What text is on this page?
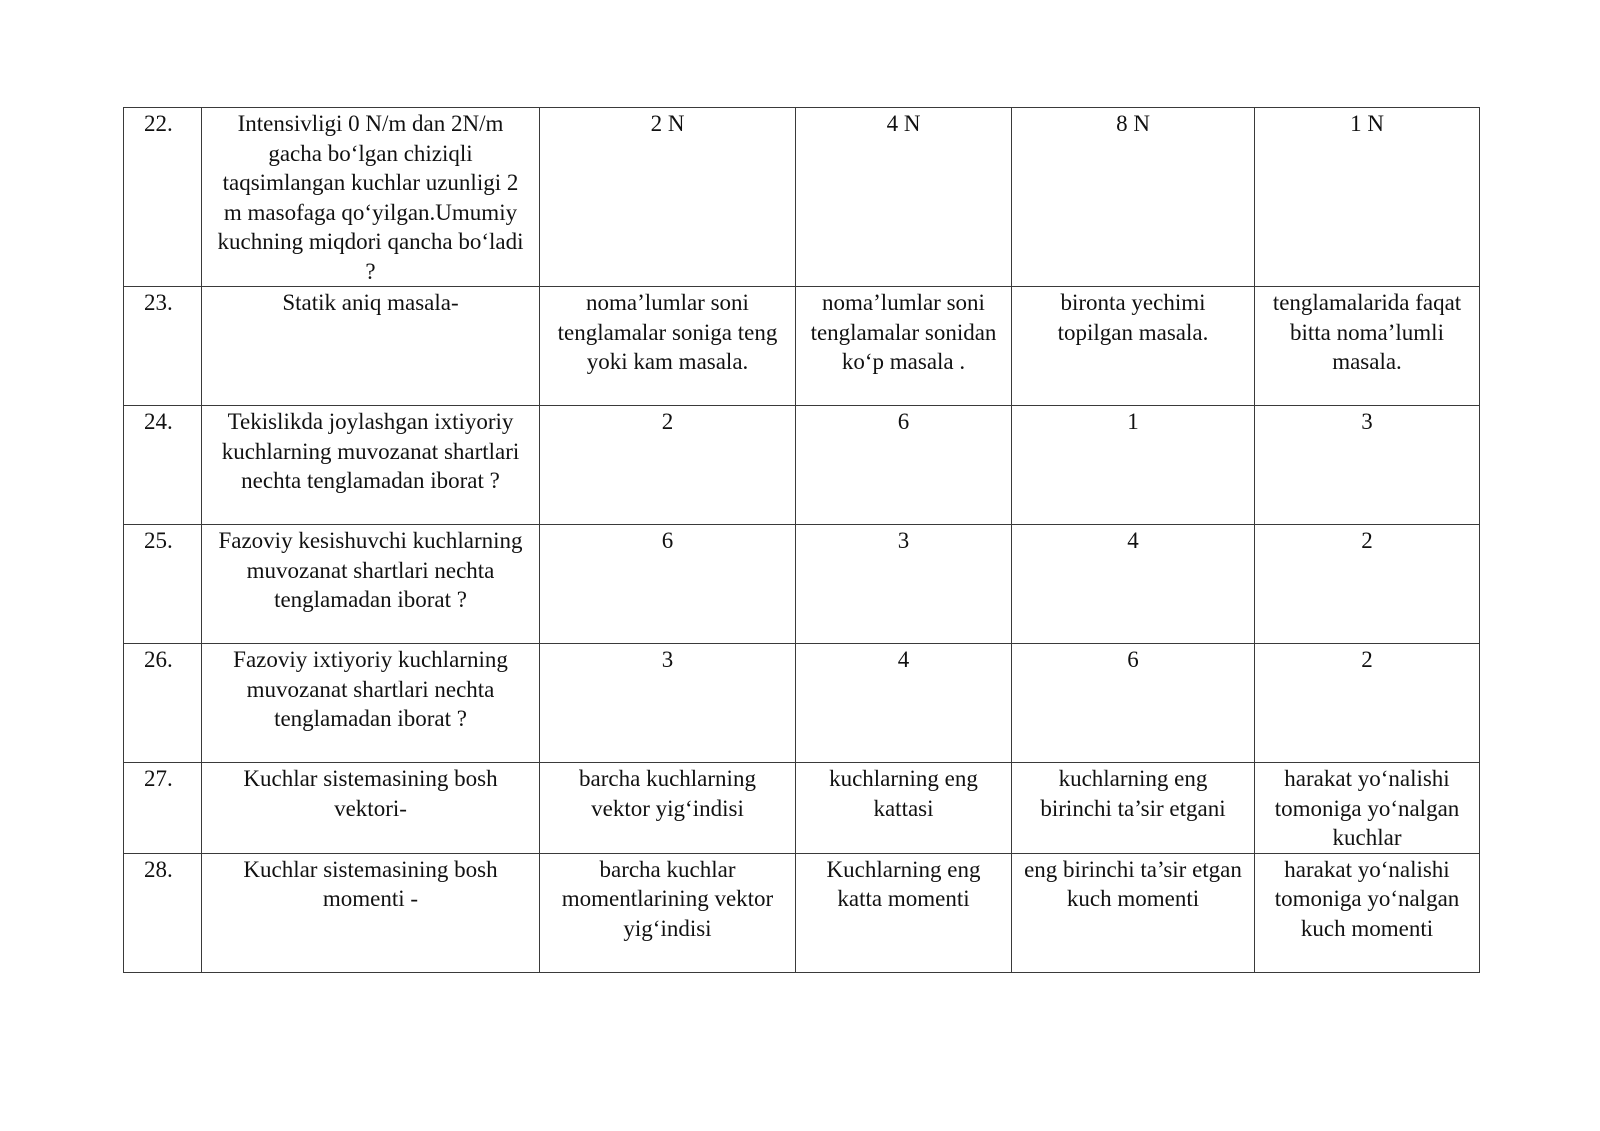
22.	Intensivligi 0 N/m dan 2N/m gacha bo‘lgan chiziqli taqsimlangan kuchlar uzunligi 2 m masofaga qo‘yilgan.Umumiy kuchning miqdori qancha bo‘ladi ?	2 N	4 N	8 N	1 N
23.	Statik aniq masala-	noma’lumlar soni tenglamalar soniga teng yoki kam masala.	noma’lumlar soni tenglamalar sonidan ko‘p masala .	bironta yechimi topilgan masala.	tenglamalarida faqat bitta noma’lumli masala.
24.	Tekislikda joylashgan ixtiyoriy kuchlarning muvozanat shartlari nechta tenglamadan iborat ?	2	6	1	3
25.	Fazoviy kesishuvchi kuchlarning muvozanat shartlari nechta tenglamadan iborat ?	6	3	4	2
26.	Fazoviy ixtiyoriy kuchlarning muvozanat shartlari nechta tenglamadan iborat ?	3	4	6	2
27.	Kuchlar sistemasining bosh vektori-	barcha kuchlarning vektor yig‘indisi	kuchlarning eng kattasi	kuchlarning eng birinchi ta’sir etgani	harakat yo‘nalishi tomoniga yo‘nalgan kuchlar
28.	Kuchlar sistemasining bosh momenti -	barcha kuchlar momentlarining vektor yig‘indisi	Kuchlarning eng katta momenti	eng birinchi ta’sir etgan kuch momenti	harakat yo‘nalishi tomoniga yo‘nalgan kuch momenti
